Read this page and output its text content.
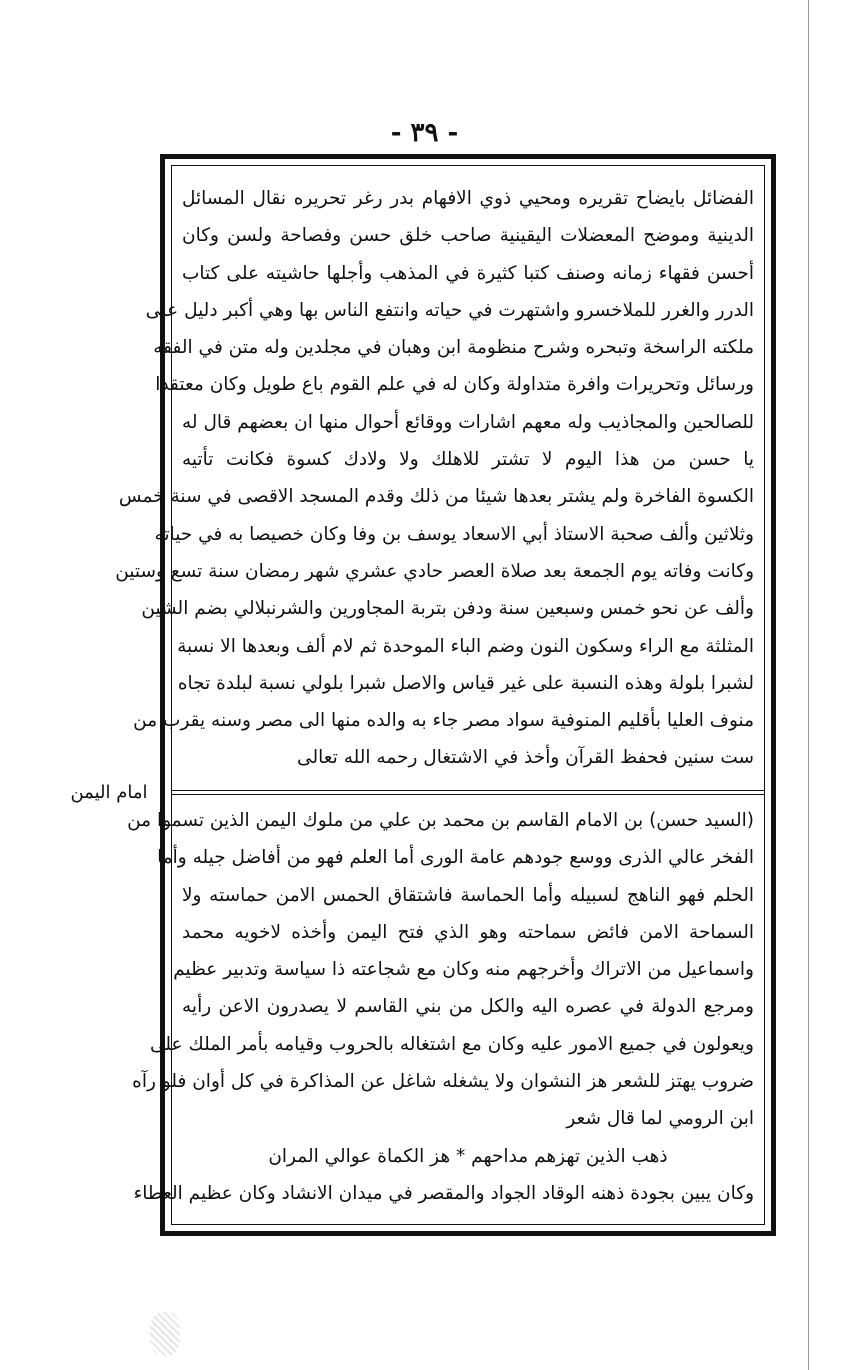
- ٣٩ -
امام اليمن
الفضائل بايضاح تقريره ومحيي ذوي الافهام بدر رغر تحريره نقال المسائل
الدينية وموضح المعضلات اليقينية صاحب خلق حسن وفصاحة ولسن وكان
أحسن فقهاء زمانه وصنف كتبا كثيرة في المذهب وأجلها حاشيته على كتاب
الدرر والغرر للملاخسرو واشتهرت في حياته وانتفع الناس بها وهي أكبر دليل على
ملكته الراسخة وتبحره وشرح منظومة ابن وهبان في مجلدين وله متن في الفقه
ورسائل وتحريرات وافرة متداولة وكان له في علم القوم باع طويل وكان معتقدا
للصالحين والمجاذيب وله معهم اشارات ووقائع أحوال منها ان بعضهم قال له
يا حسن من هذا اليوم لا تشتر للاهلك ولا ولادك كسوة فكانت تأتيه
الكسوة الفاخرة ولم يشتر بعدها شيئا من ذلك وقدم المسجد الاقصى في سنة خمس
وثلاثين وألف صحبة الاستاذ أبي الاسعاد يوسف بن وفا وكان خصيصا به في حياته
وكانت وفاته يوم الجمعة بعد صلاة العصر حادي عشري شهر رمضان سنة تسع وستين
وألف عن نحو خمس وسبعين سنة ودفن بتربة المجاورين والشرنبلالي بضم الشين
المثلثة مع الراء وسكون النون وضم الباء الموحدة ثم لام ألف وبعدها الا نسبة
لشبرا بلولة وهذه النسبة على غير قياس والاصل شبرا بلولي نسبة لبلدة تجاه
منوف العليا بأقليم المنوفية سواد مصر جاء به والده منها الى مصر وسنه يقرب من
ست سنين فحفظ القرآن وأخذ في الاشتغال رحمه الله تعالى
(السيد حسن) بن الامام القاسم بن محمد بن علي من ملوك اليمن الذين تسموا من
الفخر عالي الذرى ووسع جودهم عامة الورى أما العلم فهو من أفاضل جيله وأما
الحلم فهو الناهج لسبيله وأما الحماسة فاشتقاق الحمس الامن حماسته ولا
السماحة الامن فائض سماحته وهو الذي فتح اليمن وأخذه لاخويه محمد
واسماعيل من الاتراك وأخرجهم منه وكان مع شجاعته ذا سياسة وتدبير عظيم
ومرجع الدولة في عصره اليه والكل من بني القاسم لا يصدرون الاعن رأيه
ويعولون في جميع الامور عليه وكان مع اشتغاله بالحروب وقيامه بأمر الملك على
ضروب يهتز للشعر هز النشوان ولا يشغله شاغل عن المذاكرة في كل أوان فلو رآه
ابن الرومي لما قال شعر
ذهب الذين تهزهم مداحهم * هز الكماة عوالي المران
وكان يبين بجودة ذهنه الوقاد الجواد والمقصر في ميدان الانشاد وكان عظيم العطاء
